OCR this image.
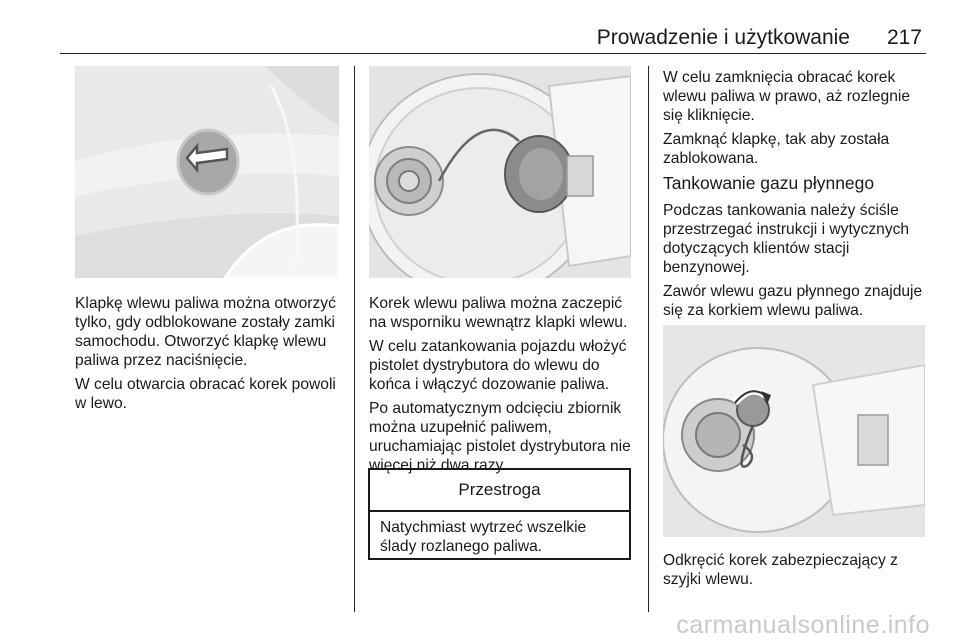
Prowadzenie i użytkowanie 217

Klapkę wlewu paliwa można otworzyć tylko, gdy odblokowane zostały zamki samochodu. Otworzyć klapkę wlewu paliwa przez naciśnięcie.

W celu otwarcia obracać korek powoli w lewo.

Korek wlewu paliwa można zaczepić na wsporniku wewnątrz klapki wlewu.

W celu zatankowania pojazdu włożyć pistolet dystrybutora do wlewu do końca i włączyć dozowanie paliwa.

Po automatycznym odcięciu zbiornik można uzupełnić paliwem, uruchamiając pistolet dystrybutora nie więcej niż dwa razy.

Przestroga
Natychmiast wytrzeć wszelkie ślady rozlanego paliwa.

W celu zamknięcia obracać korek wlewu paliwa w prawo, aż rozlegnie się kliknięcie.

Zamknąć klapkę, tak aby została zablokowana.

Tankowanie gazu płynnego

Podczas tankowania należy ściśle przestrzegać instrukcji i wytycznych dotyczących klientów stacji benzynowej.

Zawór wlewu gazu płynnego znajduje się za korkiem wlewu paliwa.

Odkręcić korek zabezpieczający z szyjki wlewu.

carmanualsonline.info
